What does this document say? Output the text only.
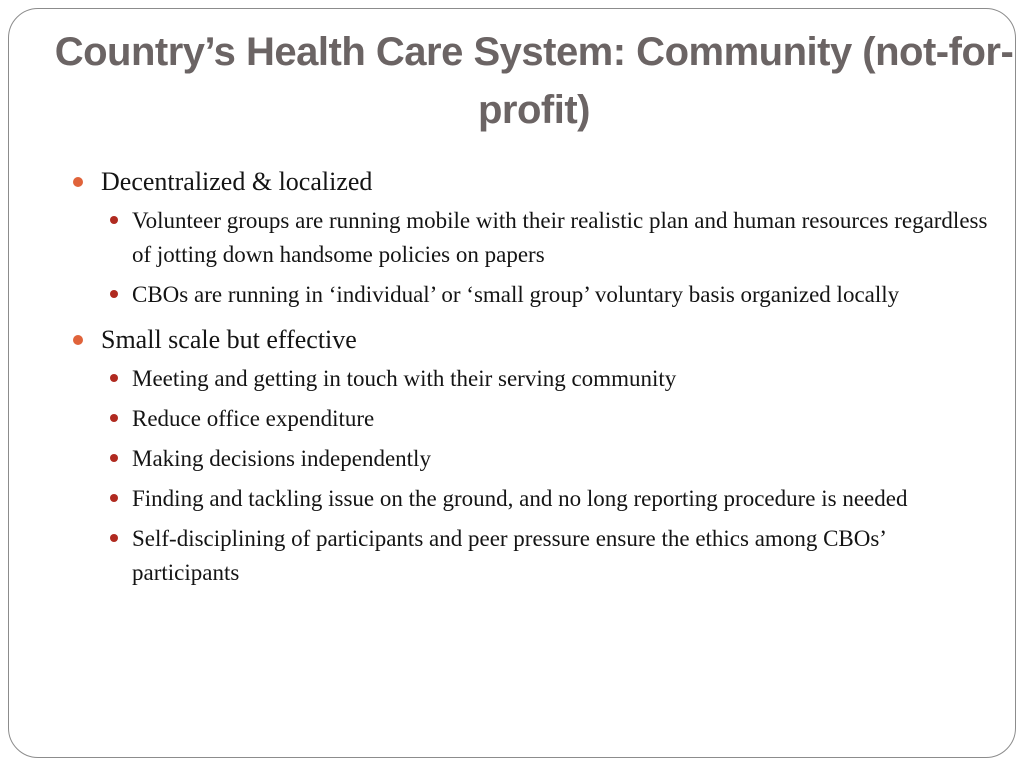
Country’s Health Care System: Community (not-for-profit)
Decentralized & localized
Volunteer groups are running mobile with their realistic plan and human resources regardless of jotting down handsome policies on papers
CBOs are running in ‘individual’ or ‘small group’ voluntary basis organized locally
Small scale but effective
Meeting and getting in touch with their serving community
Reduce office expenditure
Making decisions independently
Finding and tackling issue on the ground, and no long reporting procedure is needed
Self-disciplining of participants and peer pressure ensure the ethics among CBOs’ participants
